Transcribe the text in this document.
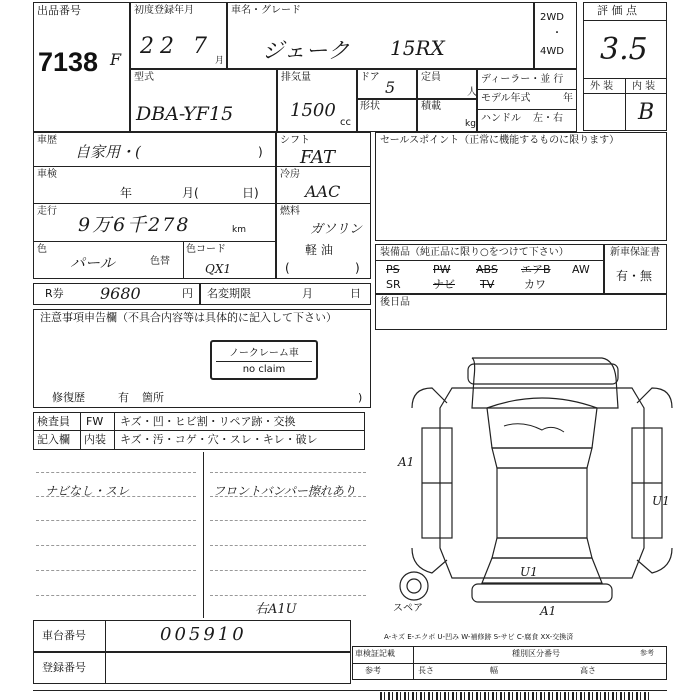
出品番号
7138 F
初度登録年月
22 7
月
車名・グレード
ジェーク 15RX
2WD
・
4WD
評 価 点
3.5
外 装 内 装
B
型式
DBA-YF15
排気量
1500
cc
ドア
5
定員
人
形状	積載
kg
ディーラー・並 行
モデル年式	年
ハンドル 左・右
車歴
自家用・(	)
車検
年	月(	日)
走行
9万6千278	km
色
パール	色替
色コード
QX1
シフト
FAT
冷房
AAC
燃料
ガソリン
軽 油
(	)
セールスポイント（正常に機能するものに限ります）
装備品（純正品に限り○をつけて下さい）
PS	PW ABS エアB AW
SR	ナビ TV	カワ
新車保証書
有・無
R券 9680	円 名変期限	月	日
後日品
注意事項申告欄（不具合内容等は具体的に記入して下さい）
ノークレーム車
no claim
修復歴	有 箇所	)
検査員 FW キズ・凹・ヒビ割・リペア跡・交換
記入欄 内装 キズ・汚・コゲ・穴・スレ・キレ・破レ
ナビなし・スレ	フロントバンパー擦れあり
右A1U
A1
U1
U1
A1
スペア
車台番号	005910
登録番号
A-キズ E-エクボ U-凹み W-補修跡 S-サビ C-腐食 XX-交換済
車検証記載
参考	長さ	幅	高さ
種別区分番号	参考
